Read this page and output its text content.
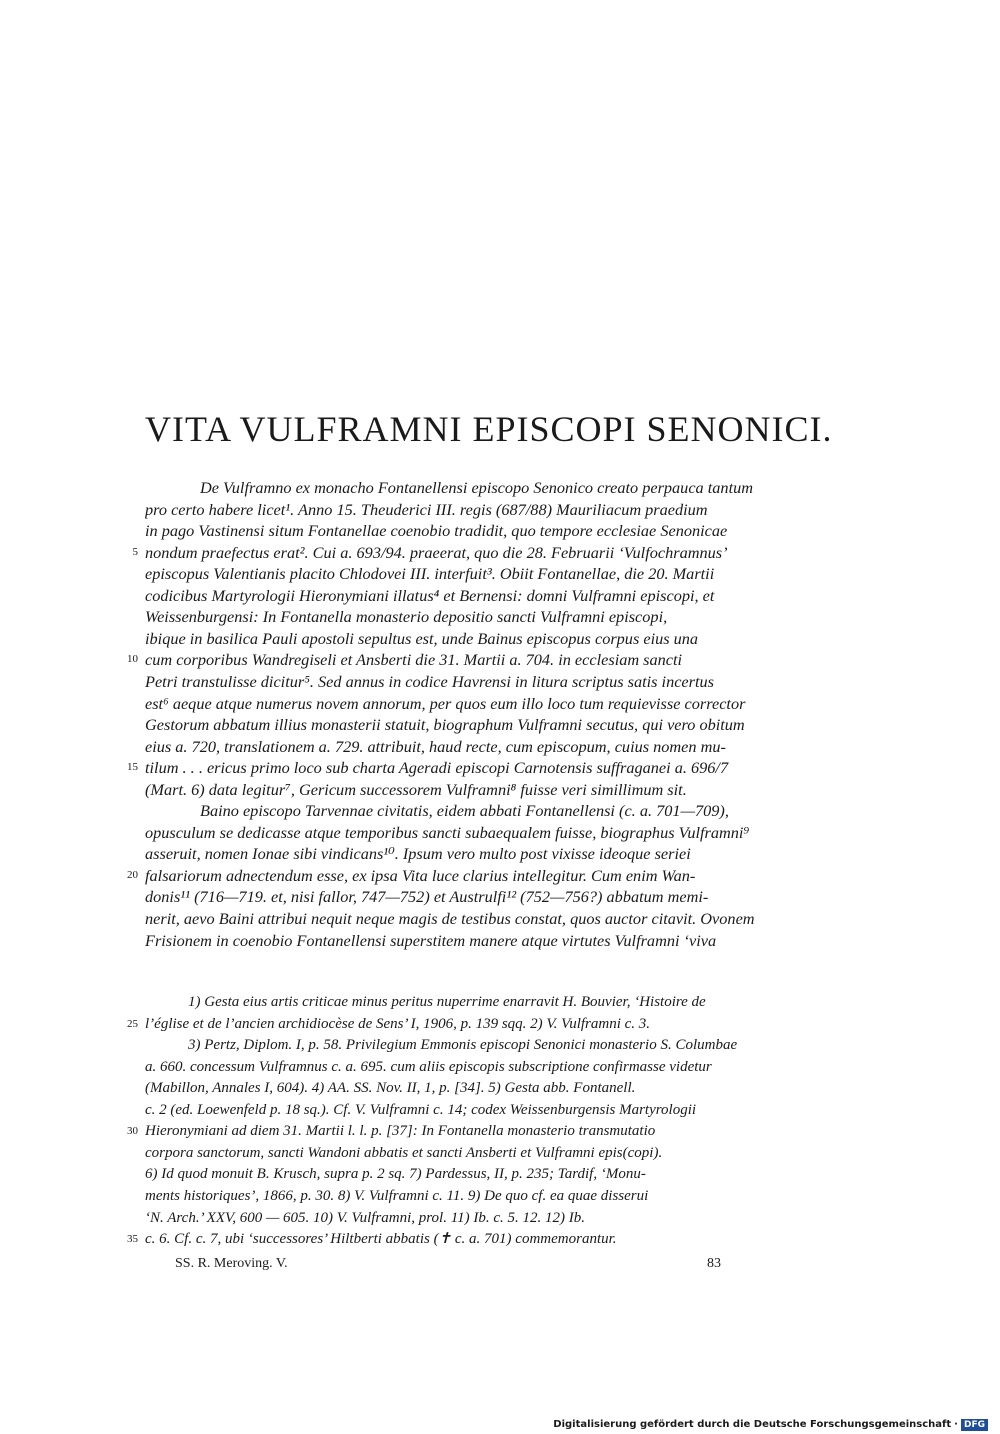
VITA VULFRAMNI EPISCOPI SENONICI.
De Vulframno ex monacho Fontanellensi episcopo Senonico creato perpauca tantum
pro certo habere licet¹. Anno 15. Theuderici III. regis (687/88) Mauriliacum praedium
in pago Vastinensi situm Fontanellae coenobio tradidit, quo tempore ecclesiae Senonicae
nondum praefectus erat². Cui a. 693/94. praeerat, quo die 28. Februarii ‘Vulfochramnus’
5
episcopus Valentianis placito Chlodovei III. interfuit³. Obiit Fontanellae, die 20. Martii
codicibus Martyrologii Hieronymiani illatus⁴ et Bernensi: domni Vulframni episcopi, et
Weissenburgensi: In Fontanella monasterio depositio sancti Vulframni episcopi,
ibique in basilica Pauli apostoli sepultus est, unde Bainus episcopus corpus eius una
cum corporibus Wandregiseli et Ansberti die 31. Martii a. 704. in ecclesiam sancti
10
Petri transtulisse dicitur⁵. Sed annus in codice Havrensi in litura scriptus satis incertus
est⁶ aeque atque numerus novem annorum, per quos eum illo loco tum requievisse corrector
Gestorum abbatum illius monasterii statuit, biographum Vulframni secutus, qui vero obitum
eius a. 720, translationem a. 729. attribuit, haud recte, cum episcopum, cuius nomen mu-
tilum . . . ericus primo loco sub charta Ageradi episcopi Carnotensis suffraganei a. 696/7
15
(Mart. 6) data legitur⁷, Gericum successorem Vulframni⁸ fuisse veri simillimum sit.
Baino episcopo Tarvennae civitatis, eidem abbati Fontanellensi (c. a. 701—709),
opusculum se dedicasse atque temporibus sancti subaequalem fuisse, biographus Vulframni⁹
asseruit, nomen Ionae sibi vindicans¹⁰. Ipsum vero multo post vixisse ideoque seriei
falsariorum adnectendum esse, ex ipsa Vita luce clarius intellegitur. Cum enim Wan-
20
donis¹¹ (716—719. et, nisi fallor, 747—752) et Austrulfi¹² (752—756?) abbatum memi-
nerit, aevo Baini attribui nequit neque magis de testibus constat, quos auctor citavit. Ovonem
Frisionem in coenobio Fontanellensi superstitem manere atque virtutes Vulframni ‘viva
1) Gesta eius artis criticae minus peritus nuperrime enarravit H. Bouvier, ‘Histoire de
l’église et de l’ancien archidiocèse de Sens’ I, 1906, p. 139 sqq. 2) V. Vulframni c. 3.
25
3) Pertz, Diplom. I, p. 58. Privilegium Emmonis episcopi Senonici monasterio S. Columbae
a. 660. concessum Vulframnus c. a. 695. cum aliis episcopis subscriptione confirmasse videtur
(Mabillon, Annales I, 604). 4) AA. SS. Nov. II, 1, p. [34]. 5) Gesta abb. Fontanell.
c. 2 (ed. Loewenfeld p. 18 sq.). Cf. V. Vulframni c. 14; codex Weissenburgensis Martyrologii
Hieronymiani ad diem 31. Martii l. l. p. [37]: In Fontanella monasterio transmutatio
30
corpora sanctorum, sancti Wandoni abbatis et sancti Ansberti et Vulframni epis(copi).
6) Id quod monuit B. Krusch, supra p. 2 sq. 7) Pardessus, II, p. 235; Tardif, ‘Monu-
ments historiques’, 1866, p. 30. 8) V. Vulframni c. 11. 9) De quo cf. ea quae disserui
‘N. Arch.’ XXV, 600 — 605. 10) V. Vulframni, prol. 11) Ib. c. 5. 12. 12) Ib.
c. 6. Cf. c. 7, ubi ‘successores’ Hiltberti abbatis (✝ c. a. 701) commemorantur.
35
SS. R. Meroving. V.	83
Digitalisierung gefördert durch die Deutsche Forschungsgemeinschaft · DFG
